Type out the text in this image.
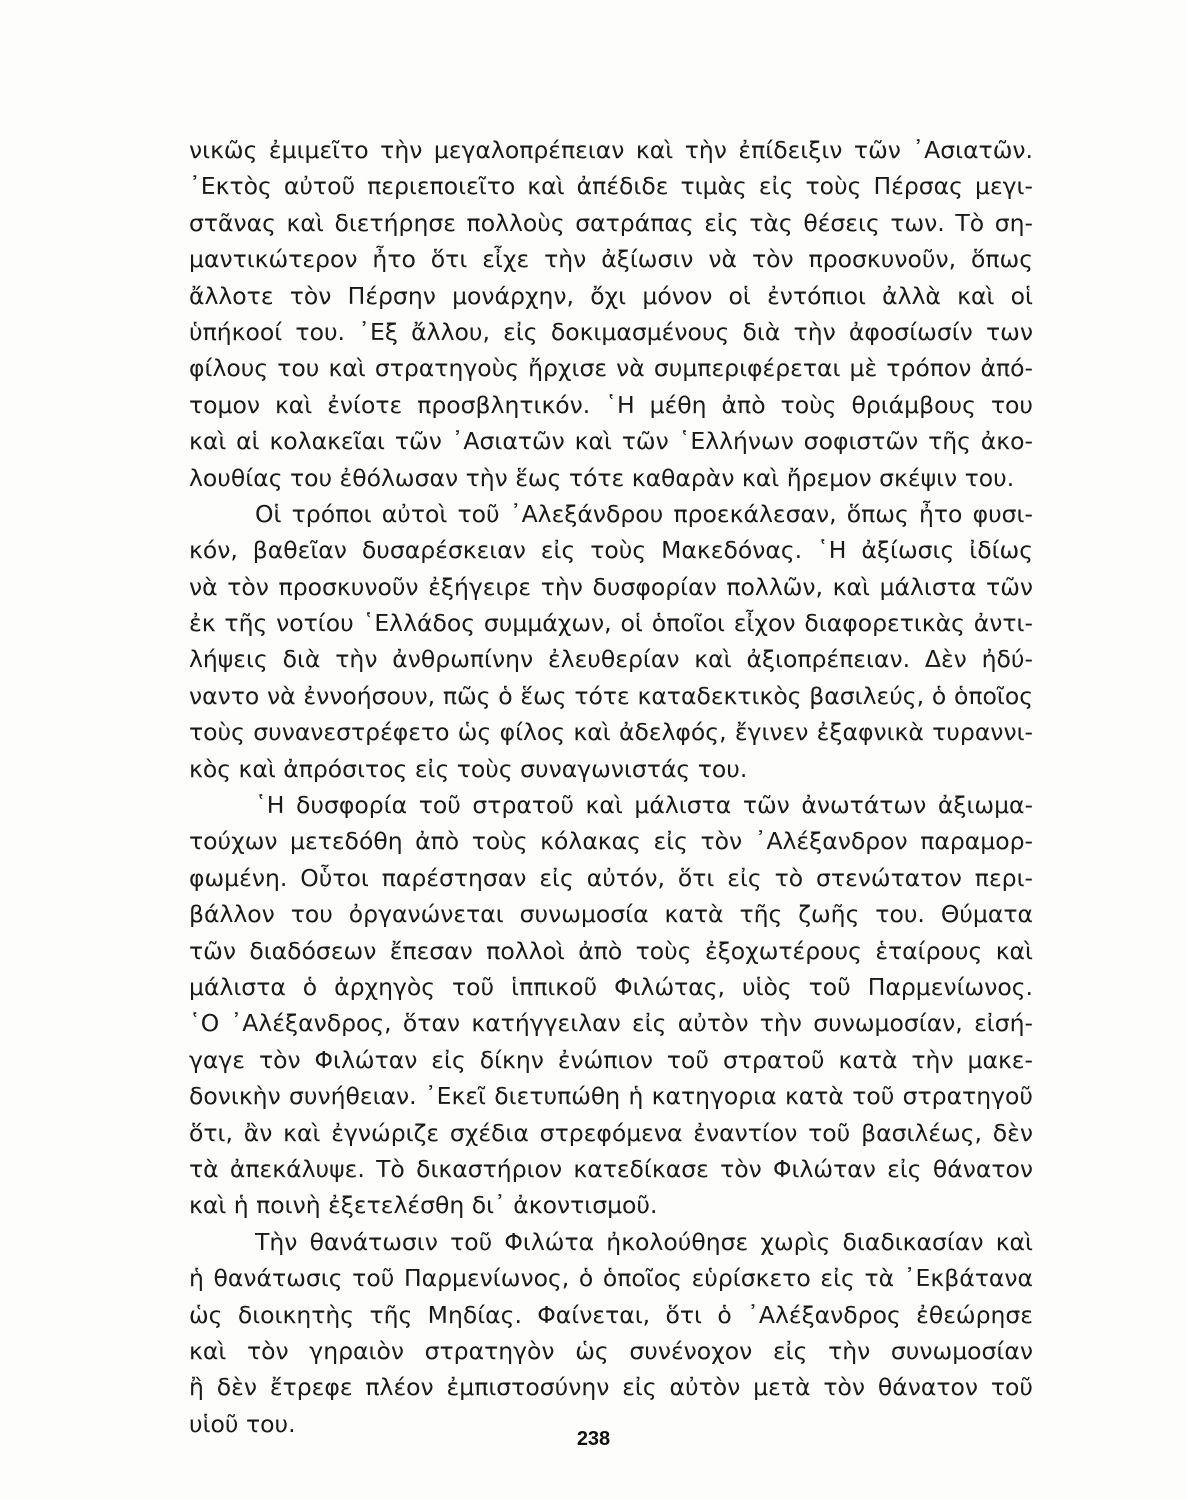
νικῶς ἐμιμεῖτο τὴν μεγαλοπρέπειαν καὶ τὴν ἐπίδειξιν τῶν ᾽Ασιατῶν.
᾽Εκτὸς αὐτοῦ περιεποιεῖτο καὶ ἀπέδιδε τιμὰς εἰς τοὺς Πέρσας μεγι-
στᾶνας καὶ διετήρησε πολλοὺς σατράπας εἰς τὰς θέσεις των. Τὸ ση-
μαντικώτερον ἦτο ὅτι εἶχε τὴν ἀξίωσιν νὰ τὸν προσκυνοῦν, ὅπως
ἄλλοτε τὸν Πέρσην μονάρχην, ὄχι μόνον οἱ ἐντόπιοι ἀλλὰ καὶ οἱ
ὑπήκοοί του. ᾽Εξ ἄλλου, εἰς δοκιμασμένους διὰ τὴν ἀφοσίωσίν των
φίλους του καὶ στρατηγοὺς ἤρχισε νὰ συμπεριφέρεται μὲ τρόπον ἀπό-
τομον καὶ ἐνίοτε προσβλητικόν. ῾Η μέθη ἀπὸ τοὺς θριάμβους του
καὶ αἱ κολακεῖαι τῶν ᾽Ασιατῶν καὶ τῶν ῾Ελλήνων σοφιστῶν τῆς ἀκο-
λουθίας του ἐθόλωσαν τὴν ἕως τότε καθαρὰν καὶ ἤρεμον σκέψιν του.
Οἱ τρόποι αὐτοὶ τοῦ ᾽Αλεξάνδρου προεκάλεσαν, ὅπως ἦτο φυσι-
κόν, βαθεῖαν δυσαρέσκειαν εἰς τοὺς Μακεδόνας. ῾Η ἀξίωσις ἰδίως
νὰ τὸν προσκυνοῦν ἐξήγειρε τὴν δυσφορίαν πολλῶν, καὶ μάλιστα τῶν
ἐκ τῆς νοτίου ῾Ελλάδος συμμάχων, οἱ ὁποῖοι εἶχον διαφορετικὰς ἀντι-
λήψεις διὰ τὴν ἀνθρωπίνην ἐλευθερίαν καὶ ἀξιοπρέπειαν. Δὲν ἠδύ-
ναντο νὰ ἐννοήσουν, πῶς ὁ ἕως τότε καταδεκτικὸς βασιλεύς, ὁ ὁποῖος
τοὺς συνανεστρέφετο ὡς φίλος καὶ ἀδελφός, ἔγινεν ἐξαφνικὰ τυραννι-
κὸς καὶ ἀπρόσιτος εἰς τοὺς συναγωνιστάς του.
῾Η δυσφορία τοῦ στρατοῦ καὶ μάλιστα τῶν ἀνωτάτων ἀξιωμα-
τούχων μετεδόθη ἀπὸ τοὺς κόλακας εἰς τὸν ᾽Αλέξανδρον παραμορ-
φωμένη. Οὗτοι παρέστησαν εἰς αὐτόν, ὅτι εἰς τὸ στενώτατον περι-
βάλλον του ὀργανώνεται συνωμοσία κατὰ τῆς ζωῆς του. Θύματα
τῶν διαδόσεων ἔπεσαν πολλοὶ ἀπὸ τοὺς ἐξοχωτέρους ἑταίρους καὶ
μάλιστα ὁ ἀρχηγὸς τοῦ ἱππικοῦ Φιλώτας, υἱὸς τοῦ Παρμενίωνος.
῾Ο ᾽Αλέξανδρος, ὅταν κατήγγειλαν εἰς αὐτὸν τὴν συνωμοσίαν, εἰσή-
γαγε τὸν Φιλώταν εἰς δίκην ἐνώπιον τοῦ στρατοῦ κατὰ τὴν μακε-
δονικὴν συνήθειαν. ᾽Εκεῖ διετυπώθη ἡ κατηγορια κατὰ τοῦ στρατηγοῦ
ὅτι, ἂν καὶ ἐγνώριζε σχέδια στρεφόμενα ἐναντίον τοῦ βασιλέως, δὲν
τὰ ἀπεκάλυψε. Τὸ δικαστήριον κατεδίκασε τὸν Φιλώταν εἰς θάνατον
καὶ ἡ ποινὴ ἐξετελέσθη δι᾽ ἀκοντισμοῦ.
Τὴν θανάτωσιν τοῦ Φιλώτα ἠκολούθησε χωρὶς διαδικασίαν καὶ
ἡ θανάτωσις τοῦ Παρμενίωνος, ὁ ὁποῖος εὑρίσκετο εἰς τὰ ᾽Εκβάτανα
ὡς διοικητὴς τῆς Μηδίας. Φαίνεται, ὅτι ὁ ᾽Αλέξανδρος ἐθεώρησε
καὶ τὸν γηραιὸν στρατηγὸν ὡς συνένοχον εἰς τὴν συνωμοσίαν
ἢ δὲν ἔτρεφε πλέον ἐμπιστοσύνην εἰς αὐτὸν μετὰ τὸν θάνατον τοῦ
υἱοῦ του.
238
